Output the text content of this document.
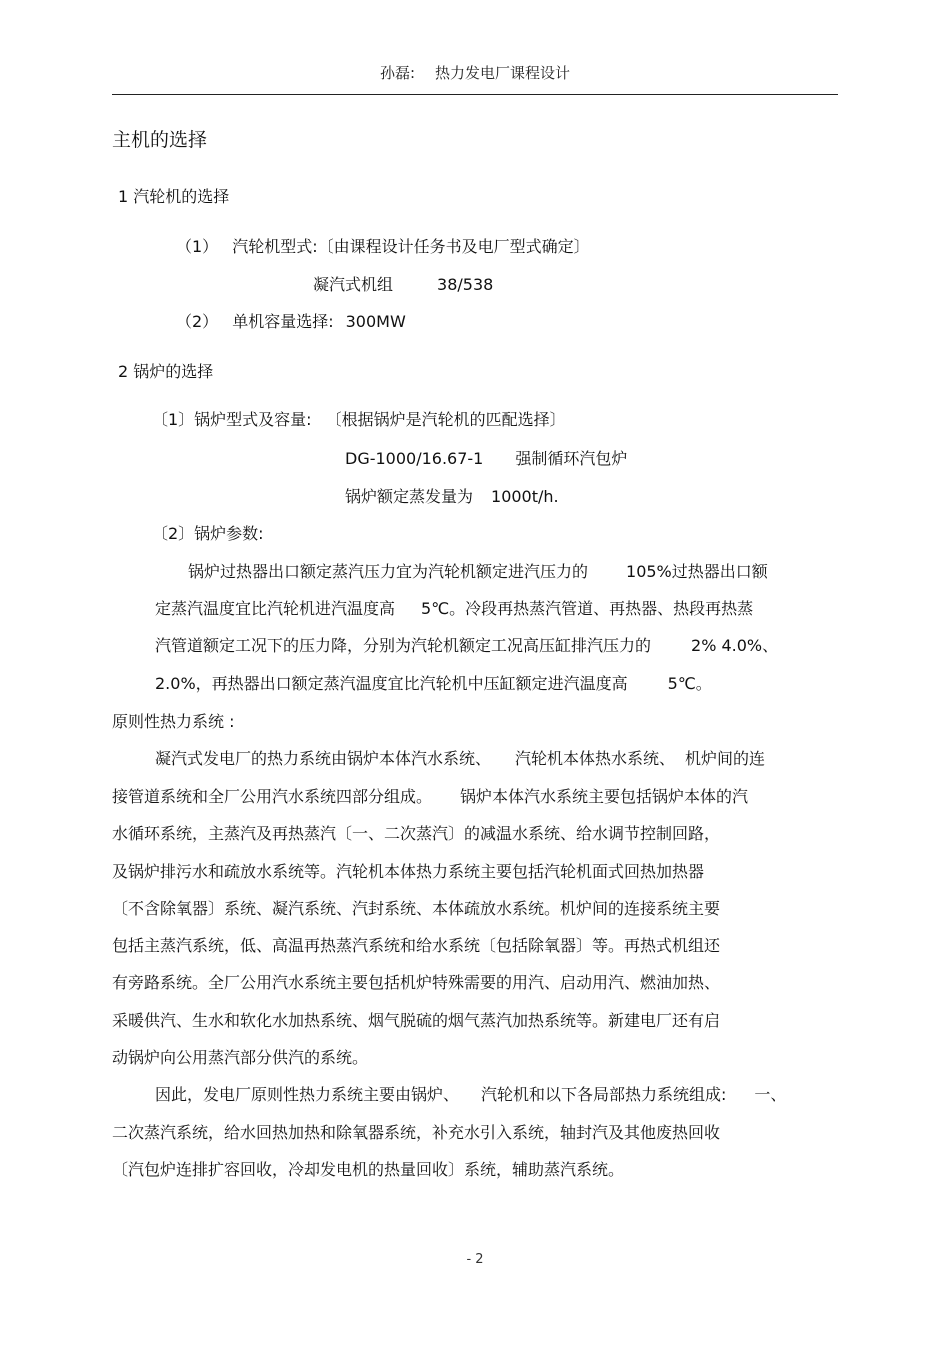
孙磊: 热力发电厂课程设计
主机的选择
1 汽轮机的选择
（1） 汽轮机型式:〔由课程设计任务书及电厂型式确定〕
凝汽式机组	38/538
（2） 单机容量选择: 300MW
2 锅炉的选择
〔1〕锅炉型式及容量: 〔根据锅炉是汽轮机的匹配选择〕
DG-1000/16.67-1 强制循环汽包炉
锅炉额定蒸发量为 1000t/h.
〔2〕锅炉参数:
锅炉过热器出口额定蒸汽压力宜为汽轮机额定进汽压力的 105%过热器出口额
定蒸汽温度宜比汽轮机进汽温度高 5℃。冷段再热蒸汽管道、再热器、热段再热蒸
汽管道额定工况下的压力降，分别为汽轮机额定工况高压缸排汽压力的	2% 4.0%、
2.0%，再热器出口额定蒸汽温度宜比汽轮机中压缸额定进汽温度高	5℃。
原则性热力系统 :
凝汽式发电厂的热力系统由锅炉本体汽水系统、 汽轮机本体热水系统、 机炉间的连
接管道系统和全厂公用汽水系统四部分组成。 锅炉本体汽水系统主要包括锅炉本体的汽
水循环系统，主蒸汽及再热蒸汽〔一、二次蒸汽〕的减温水系统、给水调节控制回路，
及锅炉排污水和疏放水系统等。汽轮机本体热力系统主要包括汽轮机面式回热加热器
〔不含除氧器〕系统、凝汽系统、汽封系统、本体疏放水系统。机炉间的连接系统主要
包括主蒸汽系统，低、高温再热蒸汽系统和给水系统〔包括除氧器〕等。再热式机组还
有旁路系统。全厂公用汽水系统主要包括机炉特殊需要的用汽、启动用汽、燃油加热、
采暖供汽、生水和软化水加热系统、烟气脱硫的烟气蒸汽加热系统等。新建电厂还有启
动锅炉向公用蒸汽部分供汽的系统。
因此，发电厂原则性热力系统主要由锅炉、 汽轮机和以下各局部热力系统组成: 一、
二次蒸汽系统，给水回热加热和除氧器系统，补充水引入系统，轴封汽及其他废热回收
〔汽包炉连排扩容回收，冷却发电机的热量回收〕系统，辅助蒸汽系统。
- 2
